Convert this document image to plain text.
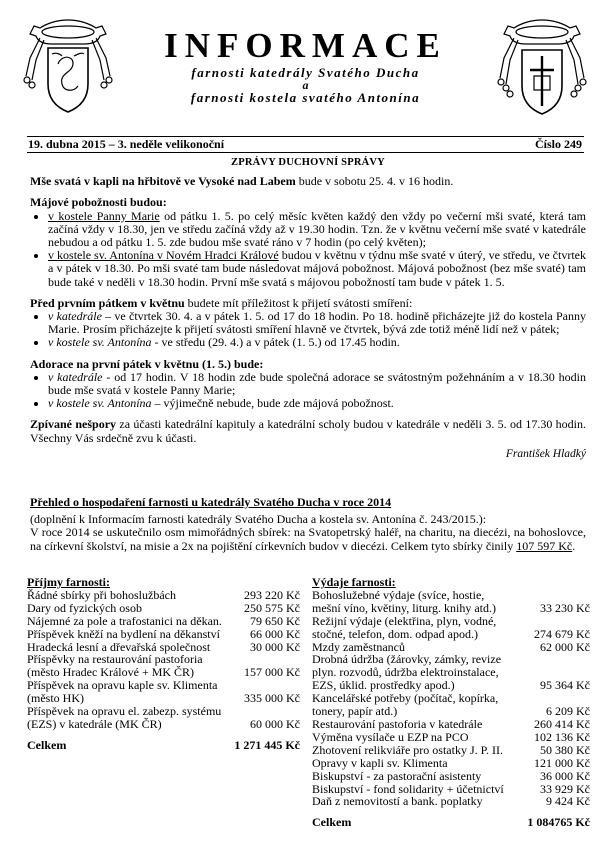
INFORMACE
farnosti katedrály Svatého Ducha
a
farnosti kostela svatého Antonína
19. dubna 2015 – 3. neděle velikonoční	Číslo 249
ZPRÁVY DUCHOVNÍ SPRÁVY

Mše svatá v kapli na hřbitově ve Vysoké nad Labem bude v sobotu 25. 4. v 16 hodin.

Májové pobožnosti budou:

• v kostele Panny Marie od pátku 1. 5. po celý měsíc květen každý den vždy po večerní mši svaté, která tam začíná vždy v 18.30, jen ve středu začíná vždy až v 19.30 hodin. Tzn. že v květnu večerní mše svaté v katedrále nebudou a od pátku 1. 5. zde budou mše svaté ráno v 7 hodin (po celý květen);
• v kostele sv. Antonína v Novém Hradci Králové budou v květnu v týdnu mše svaté v úterý, ve středu, ve čtvrtek a v pátek v 18.30. Po mši svaté tam bude následovat májová pobožnost. Májová pobožnost (bez mše svaté) tam bude také v neděli v 18.30 hodin. První mše svatá s májovou pobožností tam bude v pátek 1. 5.

Před prvním pátkem v květnu budete mít příležitost k přijetí svátosti smíření:

• v katedrále – ve čtvrtek 30. 4. a v pátek 1. 5. od 17 do 18 hodin. Po 18. hodině přicházejte již do kostela Panny Marie. Prosím přicházejte k přijetí svátosti smíření hlavně ve čtvrtek, bývá zde totiž méně lidí než v pátek;
• v kostele sv. Antonína - ve středu (29. 4.) a v pátek (1. 5.) od 17.45 hodin.

Adorace na první pátek v květnu (1. 5.) bude:

• v katedrále - od 17 hodin. V 18 hodin zde bude společná adorace se svátostným požehnáním a v 18.30 hodin bude mše svatá v kostele Panny Marie;
• v kostele sv. Antonína – výjimečně nebude, bude zde májová pobožnost.

Zpívané nešpory za účasti katedrální kapituly a katedrální scholy budou v katedrále v neděli 3. 5. od 17.30 hodin. Všechny Vás srdečně zvu k účasti.

František Hladký

Přehled o hospodaření farnosti u katedrály Svatého Ducha v roce 2014

(doplnění k Informacím farnosti katedrály Svatého Ducha a kostela sv. Antonína č. 243/2015.):

V roce 2014 se uskutečnilo osm mimořádných sbírek: na Svatopetrský haléř, na charitu, na diecézi, na bohoslovce, na církevní školství, na misie a 2x na pojištění církevních budov v diecézi. Celkem tyto sbírky činily 107 597 Kč.

Příjmy farnosti:
Řádné sbírky při bohoslužbách	293 220 Kč
Dary od fyzických osob	250 575 Kč
Nájemné za pole a trafostanici na děkan. 79 650 Kč
Příspěvek kněží na bydlení na děkanství	66 000 Kč
Hradecká lesní a dřevařská společnost	30 000 Kč
Příspěvky na restaurování pastoforia (město Hradec Králové + MK ČR)	157 000 Kč
Příspěvek na opravu kaple sv. Klimenta (město HK)	335 000 Kč
Příspěvek na opravu el. zabezp. systému (EZS) v katedrále (MK ČR)	60 000 Kč
Celkem	1 271 445 Kč
Výdaje farnosti:
Bohoslužebné výdaje (svíce, hostie, mešní víno, květiny, liturg. knihy atd.)	33 230 Kč
Režijní výdaje (elektřina, plyn, vodné, stočné, telefon, dom. odpad apod.)	274 679 Kč
Mzdy zaměstnanců	62 000 Kč
Drobná údržba (žárovky, zámky, revize plyn. rozvodů, údržba elektroinstalace, EZS, úklid. prostředky apod.)	95 364 Kč
Kancelářské potřeby (počítač, kopírka, tonery, papír atd.)	6 209 Kč
Restaurování pastoforia v katedrále	260 414 Kč
Výměna vysílače u EZP na PCO	102 136 Kč
Zhotovení relikviáře pro ostatky J. P. II.	50 380 Kč
Opravy v kapli sv. Klimenta	121 000 Kč
Biskupství - za pastorační asistenty	36 000 Kč
Biskupství - fond solidarity + účetnictví	33 929 Kč
Daň z nemovitostí a bank. poplatky	9 424 Kč
Celkem	1 084765 Kč
